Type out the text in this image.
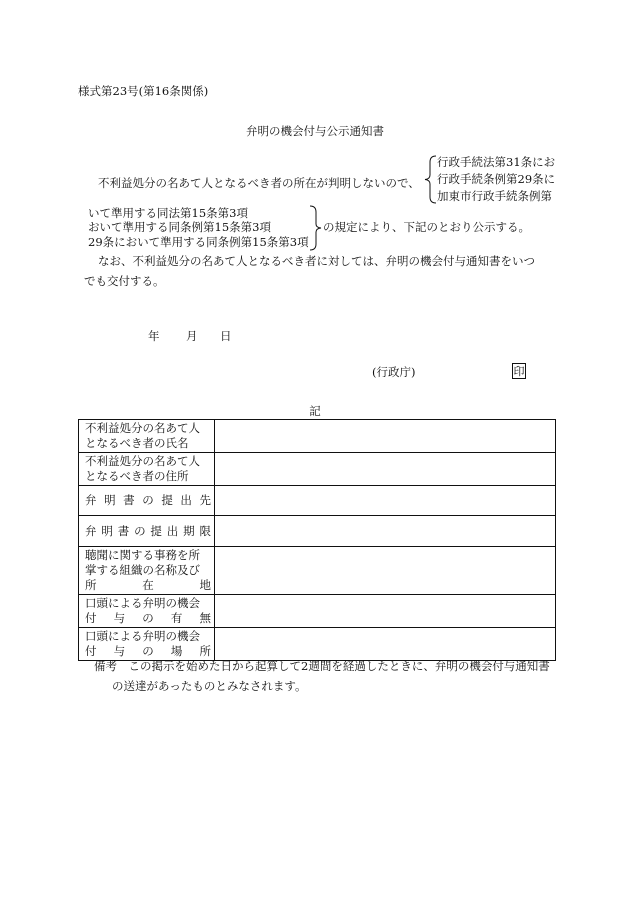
様式第23号(第16条関係)
弁明の機会付与公示通知書
不利益処分の名あて人となるべき者の所在が判明しないので、
行政手続法第31条にお
行政手続条例第29条に
加東市行政手続条例第
いて準用する同法第15条第3項
おいて準用する同条例第15条第3項
29条において準用する同条例第15条第3項
の規定により、下記のとおり公示する。
なお、不利益処分の名あて人となるべき者に対しては、弁明の機会付与通知書をいつ
でも交付する。
年 月 日
(行政庁)	印
記
不利益処分の名あて人
となるべき者の氏名	

不利益処分の名あて人
となるべき者の住所	

弁明書の提出先	

弁明書の提出期限	

聴聞に関する事務を所
掌する組織の名称及び
所在地	

口頭による弁明の機会
付与の有無	

口頭による弁明の機会
付与の場所	

備考　この掲示を始めた日から起算して2週間を経過したときに、弁明の機会付与通知書
の送達があったものとみなされます。
